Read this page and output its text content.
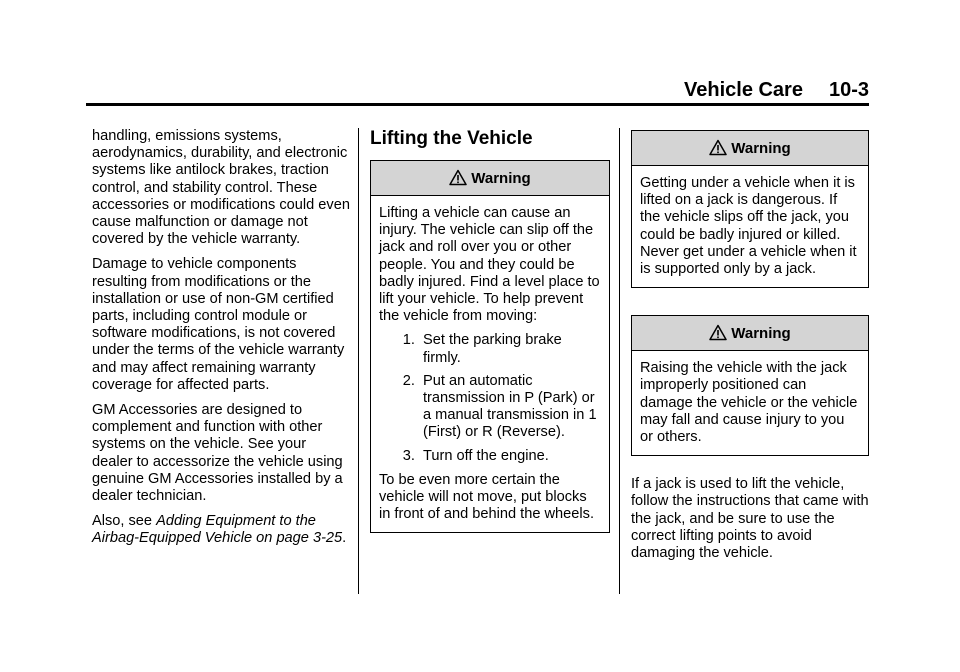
Vehicle Care 10-3

handling, emissions systems, aerodynamics, durability, and electronic systems like antilock brakes, traction control, and stability control. These accessories or modifications could even cause malfunction or damage not covered by the vehicle warranty.

Damage to vehicle components resulting from modifications or the installation or use of non-GM certified parts, including control module or software modifications, is not covered under the terms of the vehicle warranty and may affect remaining warranty coverage for affected parts.

GM Accessories are designed to complement and function with other systems on the vehicle. See your dealer to accessorize the vehicle using genuine GM Accessories installed by a dealer technician.

Also, see Adding Equipment to the Airbag-Equipped Vehicle on page 3-25.

Lifting the Vehicle
Warning

Lifting a vehicle can cause an injury. The vehicle can slip off the jack and roll over you or other people. You and they could be badly injured. Find a level place to lift your vehicle. To help prevent the vehicle from moving:

1. Set the parking brake firmly.
2. Put an automatic transmission in P (Park) or a manual transmission in 1 (First) or R (Reverse).
3. Turn off the engine.

To be even more certain the vehicle will not move, put blocks in front of and behind the wheels.

Warning

Getting under a vehicle when it is lifted on a jack is dangerous. If the vehicle slips off the jack, you could be badly injured or killed. Never get under a vehicle when it is supported only by a jack.

Warning

Raising the vehicle with the jack improperly positioned can damage the vehicle or the vehicle may fall and cause injury to you or others.

If a jack is used to lift the vehicle, follow the instructions that came with the jack, and be sure to use the correct lifting points to avoid damaging the vehicle.
